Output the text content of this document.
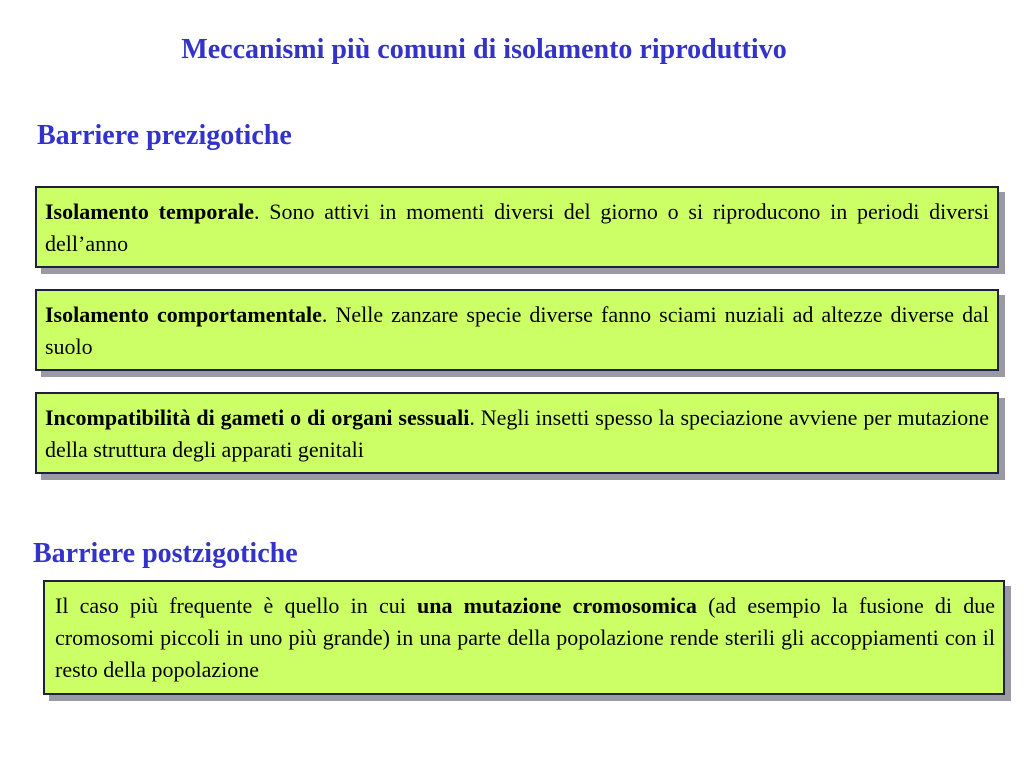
Meccanismi più comuni di isolamento riproduttivo
Barriere prezigotiche
Isolamento temporale. Sono attivi in momenti diversi del giorno o si riproducono in periodi diversi dell’anno
Isolamento comportamentale. Nelle zanzare specie diverse fanno sciami nuziali ad altezze diverse dal suolo
Incompatibilità di gameti o di organi sessuali. Negli insetti spesso la speciazione avviene per mutazione della struttura degli apparati genitali
Barriere postzigotiche
Il caso più frequente è quello in cui una mutazione cromosomica (ad esempio la fusione di due cromosomi piccoli in uno più grande) in una parte della popolazione rende sterili gli accoppiamenti con il resto della popolazione
